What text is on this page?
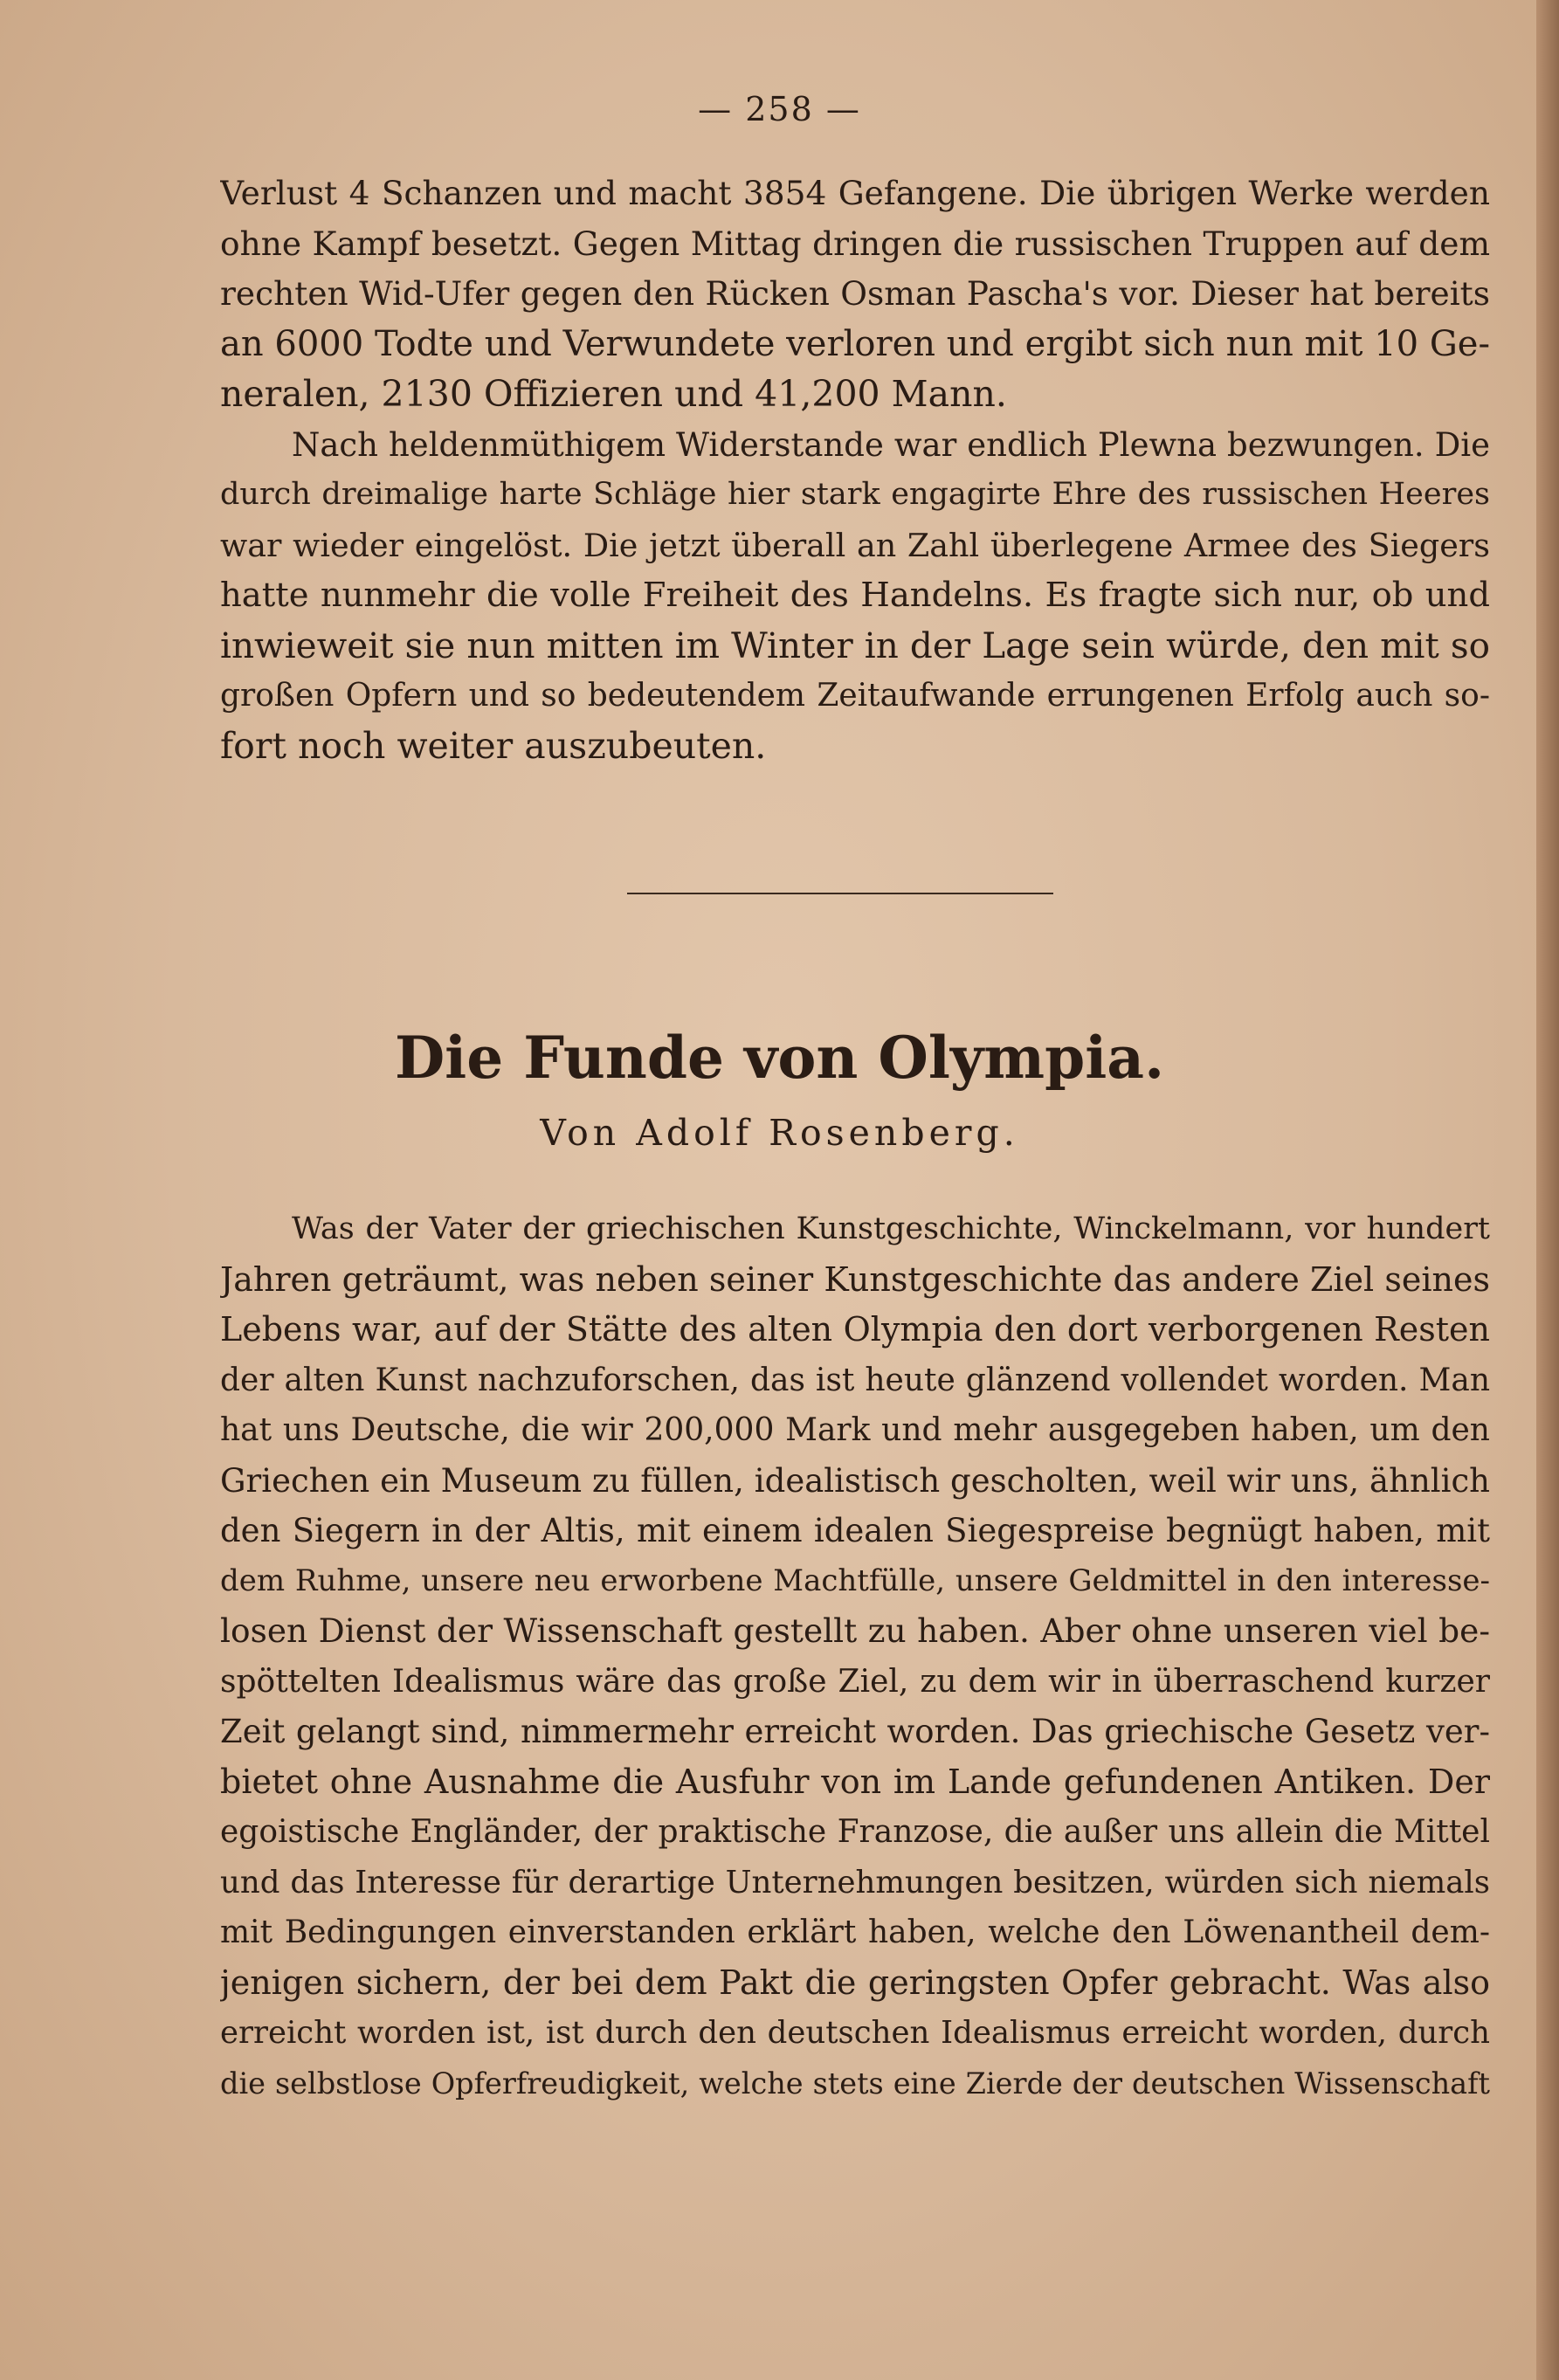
— 258 —
Verlust 4 Schanzen und macht 3854 Gefangene. Die übrigen Werke werden
ohne Kampf besetzt. Gegen Mittag dringen die russischen Truppen auf dem
rechten Wid-Ufer gegen den Rücken Osman Pascha's vor. Dieser hat bereits
an 6000 Todte und Verwundete verloren und ergibt sich nun mit 10 Ge-
neralen, 2130 Offizieren und 41,200 Mann.
Nach heldenmüthigem Widerstande war endlich Plewna bezwungen. Die
durch dreimalige harte Schläge hier stark engagirte Ehre des russischen Heeres
war wieder eingelöst. Die jetzt überall an Zahl überlegene Armee des Siegers
hatte nunmehr die volle Freiheit des Handelns. Es fragte sich nur, ob und
inwieweit sie nun mitten im Winter in der Lage sein würde, den mit so
großen Opfern und so bedeutendem Zeitaufwande errungenen Erfolg auch so-
fort noch weiter auszubeuten.
Die Funde von Olympia.
Von Adolf Rosenberg.
Was der Vater der griechischen Kunstgeschichte, Winckelmann, vor hundert
Jahren geträumt, was neben seiner Kunstgeschichte das andere Ziel seines
Lebens war, auf der Stätte des alten Olympia den dort verborgenen Resten
der alten Kunst nachzuforschen, das ist heute glänzend vollendet worden. Man
hat uns Deutsche, die wir 200,000 Mark und mehr ausgegeben haben, um den
Griechen ein Museum zu füllen, idealistisch gescholten, weil wir uns, ähnlich
den Siegern in der Altis, mit einem idealen Siegespreise begnügt haben, mit
dem Ruhme, unsere neu erworbene Machtfülle, unsere Geldmittel in den interesse-
losen Dienst der Wissenschaft gestellt zu haben. Aber ohne unseren viel be-
spöttelten Idealismus wäre das große Ziel, zu dem wir in überraschend kurzer
Zeit gelangt sind, nimmermehr erreicht worden. Das griechische Gesetz ver-
bietet ohne Ausnahme die Ausfuhr von im Lande gefundenen Antiken. Der
egoistische Engländer, der praktische Franzose, die außer uns allein die Mittel
und das Interesse für derartige Unternehmungen besitzen, würden sich niemals
mit Bedingungen einverstanden erklärt haben, welche den Löwenantheil dem-
jenigen sichern, der bei dem Pakt die geringsten Opfer gebracht. Was also
erreicht worden ist, ist durch den deutschen Idealismus erreicht worden, durch
die selbstlose Opferfreudigkeit, welche stets eine Zierde der deutschen Wissenschaft
